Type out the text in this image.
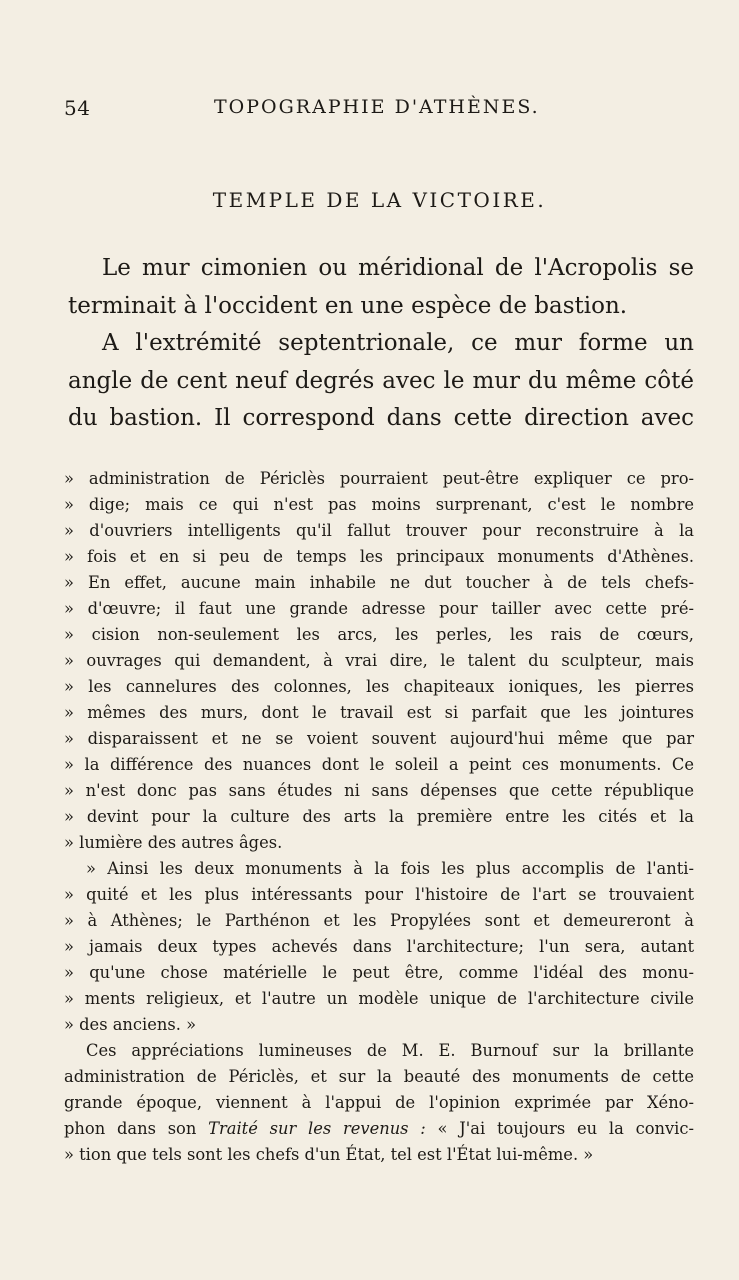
54	TOPOGRAPHIE D'ATHÈNES.
TEMPLE DE LA VICTOIRE.
Le mur cimonien ou méridional de l'Acropolis se
terminait à l'occident en une espèce de bastion.
A l'extrémité septentrionale, ce mur forme un
angle de cent neuf degrés avec le mur du même côté
du bastion. Il correspond dans cette direction avec
» administration de Périclès pourraient peut-être expliquer ce pro-
» dige; mais ce qui n'est pas moins surprenant, c'est le nombre
» d'ouvriers intelligents qu'il fallut trouver pour reconstruire à la
» fois et en si peu de temps les principaux monuments d'Athènes.
» En effet, aucune main inhabile ne dut toucher à de tels chefs-
» d'œuvre; il faut une grande adresse pour tailler avec cette pré-
» cision non-seulement les arcs, les perles, les rais de cœurs,
» ouvrages qui demandent, à vrai dire, le talent du sculpteur, mais
» les cannelures des colonnes, les chapiteaux ioniques, les pierres
» mêmes des murs, dont le travail est si parfait que les jointures
» disparaissent et ne se voient souvent aujourd'hui même que par
» la différence des nuances dont le soleil a peint ces monuments. Ce
» n'est donc pas sans études ni sans dépenses que cette république
» devint pour la culture des arts la première entre les cités et la
» lumière des autres âges.
» Ainsi les deux monuments à la fois les plus accomplis de l'anti-
» quité et les plus intéressants pour l'histoire de l'art se trouvaient
» à Athènes; le Parthénon et les Propylées sont et demeureront à
» jamais deux types achevés dans l'architecture; l'un sera, autant
» qu'une chose matérielle le peut être, comme l'idéal des monu-
» ments religieux, et l'autre un modèle unique de l'architecture civile
» des anciens. »
Ces appréciations lumineuses de M. E. Burnouf sur la brillante
administration de Périclès, et sur la beauté des monuments de cette
grande époque, viennent à l'appui de l'opinion exprimée par Xéno-
phon dans son Traité sur les revenus : « J'ai toujours eu la convic-
» tion que tels sont les chefs d'un État, tel est l'État lui-même. »
